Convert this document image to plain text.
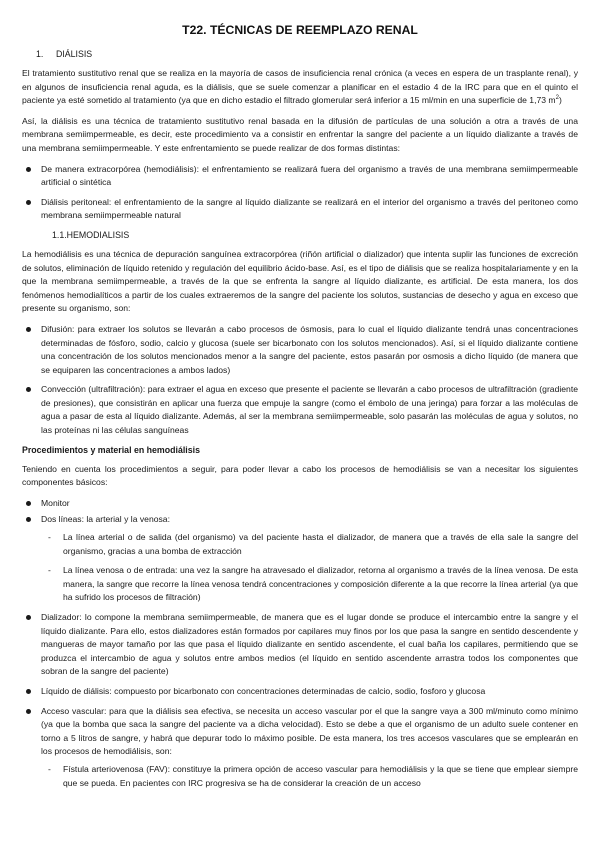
T22. TÉCNICAS DE REEMPLAZO RENAL
1. DIÁLISIS

El tratamiento sustitutivo renal que se realiza en la mayoría de casos de insuficiencia renal crónica (a veces en espera de un trasplante renal), y en algunos de insuficiencia renal aguda, es la diálisis, que se suele comenzar a planificar en el estadio 4 de la IRC para que en el quinto el paciente ya esté sometido al tratamiento (ya que en dicho estadio el filtrado glomerular será inferior a 15 ml/min en una superficie de 1,73 $m^2$)

Así, la diálisis es una técnica de tratamiento sustitutivo renal basada en la difusión de partículas de una solución a otra a través de una membrana semiimpermeable, es decir, este procedimiento va a consistir en enfrentar la sangre del paciente a un líquido dializante a través de una membrana semiimpermeable. Y este enfrentamiento se puede realizar de dos formas distintas:

De manera extracorpórea (hemodiálisis): el enfrentamiento se realizará fuera del organismo a través de una membrana semiimpermeable artificial o sintética
Diálisis peritoneal: el enfrentamiento de la sangre al líquido dializante se realizará en el interior del organismo a través del peritoneo como membrana semiimpermeable natural
1.1.HEMODIALISIS

La hemodiálisis es una técnica de depuración sanguínea extracorpórea (riñón artificial o dializador) que intenta suplir las funciones de excreción de solutos, eliminación de líquido retenido y regulación del equilibrio ácido-base. Así, es el tipo de diálisis que se realiza hospitalariamente y en la que la membrana semiimpermeable, a través de la que se enfrenta la sangre al líquido dializante, es artificial. De esta manera, los dos fenómenos hemodialíticos a partir de los cuales extraeremos de la sangre del paciente los solutos, sustancias de desecho y agua en exceso que presente su organismo, son:

Difusión: para extraer los solutos se llevarán a cabo procesos de ósmosis, para lo cual el líquido dializante tendrá unas concentraciones determinadas de fósforo, sodio, calcio y glucosa (suele ser bicarbonato con los solutos mencionados). Así, si el líquido dializante contiene una concentración de los solutos mencionados menor a la sangre del paciente, estos pasarán por osmosis a dicho líquido (de manera que se equiparen las concentraciones a ambos lados)
Convección (ultrafiltración): para extraer el agua en exceso que presente el paciente se llevarán a cabo procesos de ultrafiltración (gradiente de presiones), que consistirán en aplicar una fuerza que empuje la sangre (como el émbolo de una jeringa) para forzar a las moléculas de agua a pasar de esta al líquido dializante. Además, al ser la membrana semiimpermeable, solo pasarán las moléculas de agua y solutos, no las proteínas ni las células sanguíneas
Procedimientos y material en hemodiálisis

Teniendo en cuenta los procedimientos a seguir, para poder llevar a cabo los procesos de hemodiálisis se van a necesitar los siguientes componentes básicos:

Monitor
Dos líneas: la arterial y la venosa:
- La línea arterial o de salida (del organismo) va del paciente hasta el dializador, de manera que a través de ella sale la sangre del organismo, gracias a una bomba de extracción
- La línea venosa o de entrada: una vez la sangre ha atravesado el dializador, retorna al organismo a través de la línea venosa. De esta manera, la sangre que recorre la línea venosa tendrá concentraciones y composición diferente a la que recorre la línea arterial (ya que ha sufrido los procesos de filtración)
Dializador: lo compone la membrana semiimpermeable, de manera que es el lugar donde se produce el intercambio entre la sangre y el líquido dializante. Para ello, estos dializadores están formados por capilares muy finos por los que pasa la sangre en sentido descendente y mangueras de mayor tamaño por las que pasa el líquido dializante en sentido ascendente, el cual baña los capilares, permitiendo que se produzca el intercambio de agua y solutos entre ambos medios (el líquido en sentido ascendente arrastra todos los componentes que sobran de la sangre del paciente)
Líquido de diálisis: compuesto por bicarbonato con concentraciones determinadas de calcio, sodio, fosforo y glucosa
Acceso vascular: para que la diálisis sea efectiva, se necesita un acceso vascular por el que la sangre vaya a 300 ml/minuto como mínimo (ya que la bomba que saca la sangre del paciente va a dicha velocidad). Esto se debe a que el organismo de un adulto suele contener en torno a 5 litros de sangre, y habrá que depurar todo lo máximo posible. De esta manera, los tres accesos vasculares que se emplearán en los procesos de hemodiálisis, son:
- Fístula arteriovenosa (FAV): constituye la primera opción de acceso vascular para hemodiálisis y la que se tiene que emplear siempre que se pueda. En pacientes con IRC progresiva se ha de considerar la creación de un acceso
